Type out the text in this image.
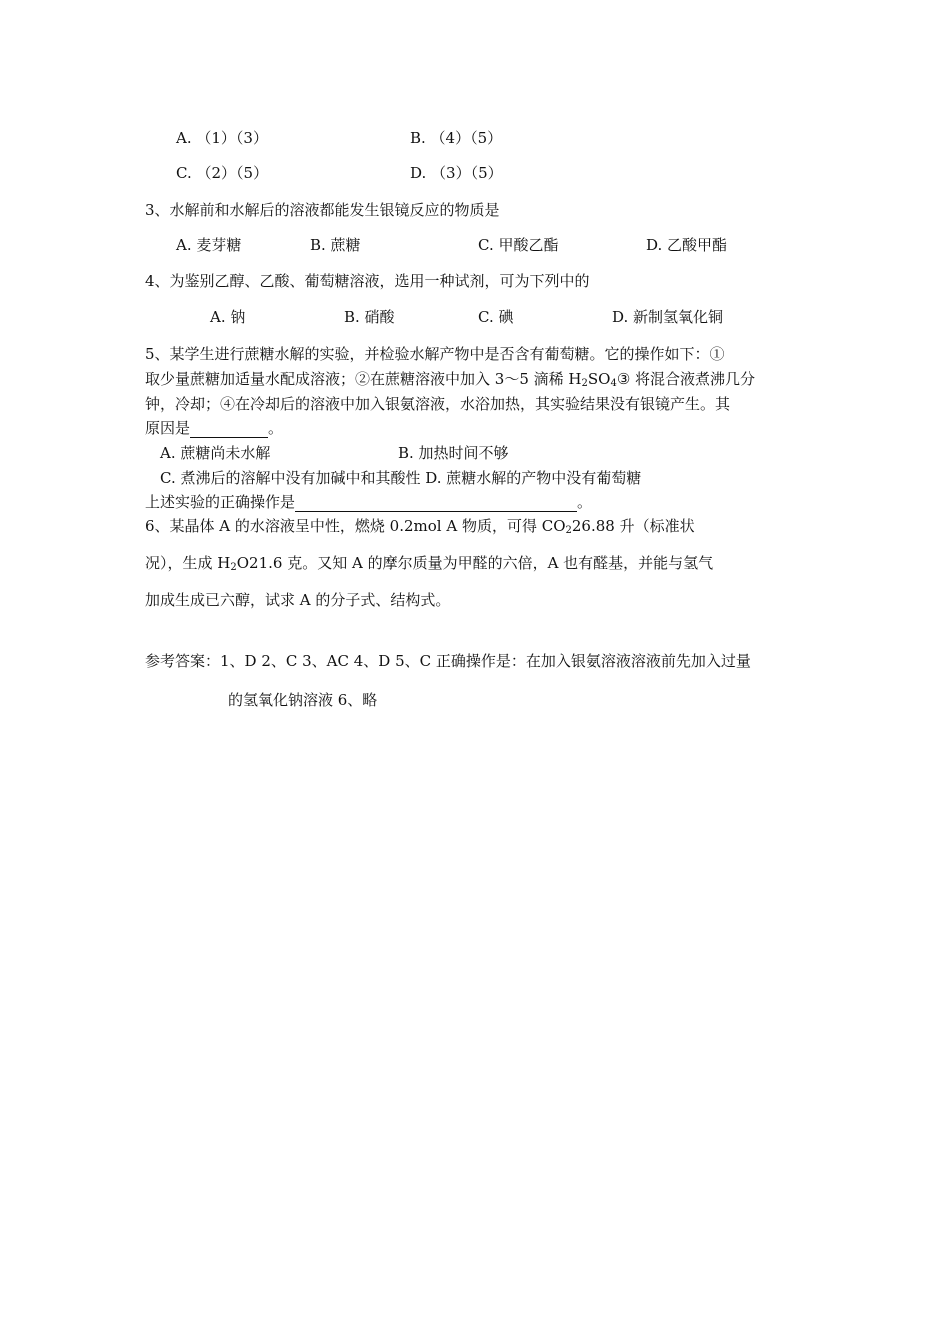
A. （1）（3）	B. （4）（5）
C. （2）（5）	D. （3）（5）
3、水解前和水解后的溶液都能发生银镜反应的物质是
A. 麦芽糖	B. 蔗糖	C. 甲酸乙酯	D. 乙酸甲酯
4、为鉴别乙醇、乙酸、葡萄糖溶液，选用一种试剂，可为下列中的
A. 钠	B. 硝酸	C. 碘	D. 新制氢氧化铜
5、某学生进行蔗糖水解的实验，并检验水解产物中是否含有葡萄糖。它的操作如下：①
取少量蔗糖加适量水配成溶液；②在蔗糖溶液中加入 3～5 滴稀 $H_2SO_4③$ 将混合液煮沸几分
钟，冷却；④在冷却后的溶液中加入银氨溶液，水浴加热，其实验结果没有银镜产生。其
原因是	。
A. 蔗糖尚未水解	B. 加热时间不够
C. 煮沸后的溶解中没有加碱中和其酸性 D. 蔗糖水解的产物中没有葡萄糖
上述实验的正确操作是	。
6、某晶体 A 的水溶液呈中性，燃烧 0.2mol A 物质，可得 $CO_226.88$ 升（标准状
况），生成 $H_2O21.6$ 克。又知 A 的摩尔质量为甲醛的六倍，A 也有醛基，并能与氢气
加成生成已六醇，试求 A 的分子式、结构式。
参考答案：1、D 2、C 3、AC 4、D 5、C 正确操作是：在加入银氨溶液溶液前先加入过量
的氢氧化钠溶液 6、略
